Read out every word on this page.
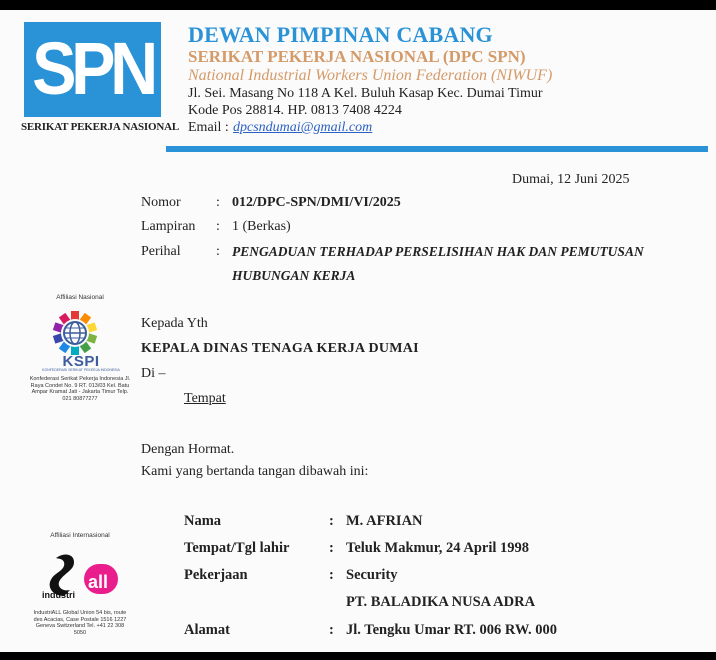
SPN
SERIKAT PEKERJA NASIONAL
DEWAN PIMPINAN CABANG
SERIKAT PEKERJA NASIONAL (DPC SPN)
National Industrial Workers Union Federation (NIWUF)
Jl. Sei. Masang No 118 A Kel. Buluh Kasap Kec. Dumai Timur
Kode Pos 28814. HP. 0813 7408 4224
Email : dpcsndumai@gmail.com
Affiliasi Nasional
KSPI
KONFEDERASI SERIKAT PEKERJA INDONESIA
Konfederasi Serikat Pekerja Indonesia Jl. Raya Condet No. 9 RT. 013/03 Kel. Batu Ampar Kramat Jati - Jakarta Timur Telp. 021 80877277
Affiliasi Internasional
all
industri
IndustriALL Global Union 54 bis, route des Acacias, Case Postale 1516 1227 Geneva Switzerland Tel. +41 22 308 5050
Dumai, 12 Juni 2025
Nomor	: 012/DPC-SPN/DMI/VI/2025
Lampiran : 1 (Berkas)
Perihal	: PENGADUAN TERHADAP PERSELISIHAN HAK DAN PEMUTUSAN
HUBUNGAN KERJA
Kepada Yth
KEPALA DINAS TENAGA KERJA DUMAI
Di –
Tempat
Dengan Hormat.
Kami yang bertanda tangan dibawah ini:
Nama	: M. AFRIAN
Tempat/Tgl lahir	: Teluk Makmur, 24 April 1998
Pekerjaan	: Security
PT. BALADIKA NUSA ADRA
Alamat	: Jl. Tengku Umar RT. 006 RW. 000
